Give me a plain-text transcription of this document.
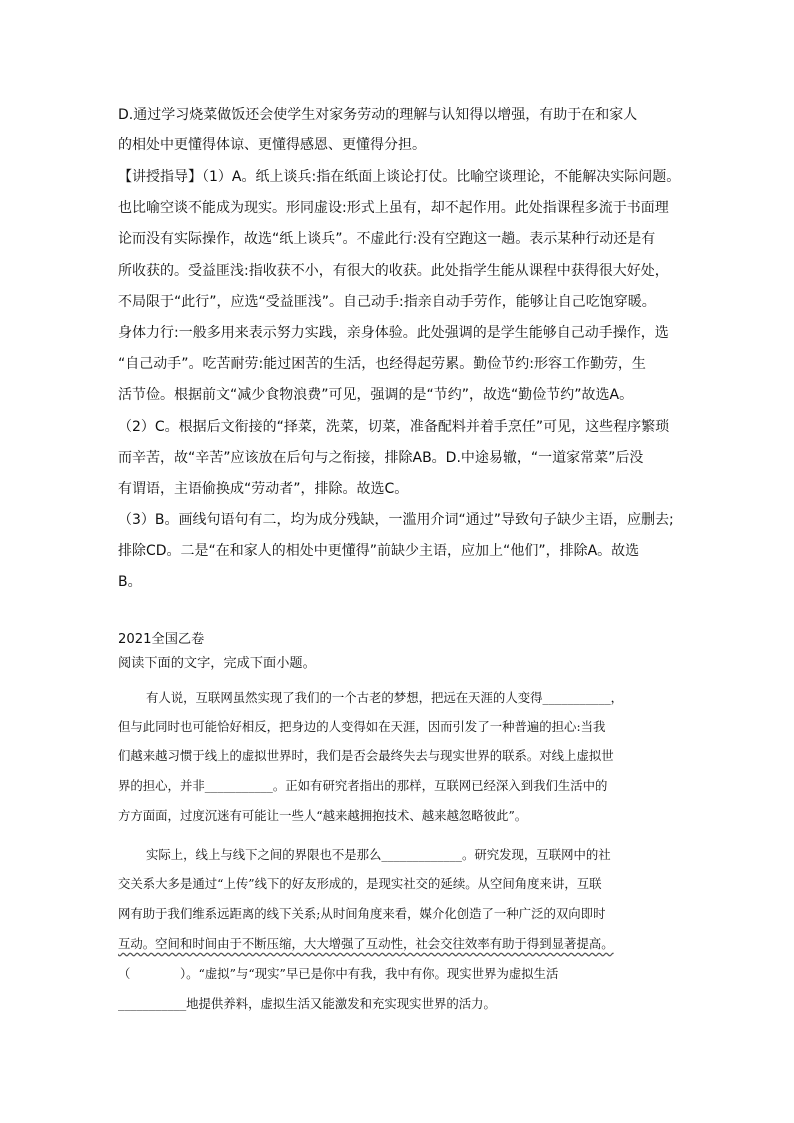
D.通过学习烧菜做饭还会使学生对家务劳动的理解与认知得以增强，有助于在和家人
的相处中更懂得体谅、更懂得感恩、更懂得分担。
【讲授指导】（1）A。纸上谈兵:指在纸面上谈论打仗。比喻空谈理论，不能解决实际问题。
也比喻空谈不能成为现实。形同虚设:形式上虽有，却不起作用。此处指课程多流于书面理
论而没有实际操作，故选“纸上谈兵”。不虚此行:没有空跑这一趟。表示某种行动还是有
所收获的。受益匪浅:指收获不小，有很大的收获。此处指学生能从课程中获得很大好处，
不局限于“此行”，应选“受益匪浅”。自己动手:指亲自动手劳作，能够让自己吃饱穿暖。
身体力行:一般多用来表示努力实践，亲身体验。此处强调的是学生能够自己动手操作，选
“自己动手”。吃苦耐劳:能过困苦的生活，也经得起劳累。勤俭节约:形容工作勤劳，生
活节俭。根据前文“减少食物浪费”可见，强调的是“节约”，故选“勤俭节约”故选A。
（2）C。根据后文衔接的“择菜，洗菜，切菜，准备配料并着手烹任”可见，这些程序繁琐
而辛苦，故“辛苦”应该放在后句与之衔接，排除AB。D.中途易辙，“一道家常菜”后没
有谓语，主语偷换成“劳动者”，排除。故选C。
（3）B。画线句语句有二，均为成分残缺，一滥用介词“通过”导致句子缺少主语，应删去;
排除CD。二是“在和家人的相处中更懂得”前缺少主语，应加上“他们”，排除A。故选
B。
2021全国乙卷
阅读下面的文字，完成下面小题。
有人说，互联网虽然实现了我们的一个古老的梦想，把远在天涯的人变得___________，
但与此同时也可能恰好相反，把身边的人变得如在天涯，因而引发了一种普遍的担心:当我
们越来越习惯于线上的虚拟世界时，我们是否会最终失去与现实世界的联系。对线上虚拟世
界的担心，并非___________。正如有研究者指出的那样，互联网已经深入到我们生活中的
方方面面，过度沉迷有可能让一些人“越来越拥抱技术、越来越忽略彼此”。
实际上，线上与线下之间的界限也不是那么_____________。研究发现，互联网中的社
交关系大多是通过“上传”线下的好友形成的，是现实社交的延续。从空间角度来讲，互联
网有助于我们维系远距离的线下关系;从时间角度来看，媒介化创造了一种广泛的双向即时
互动。空间和时间由于不断压缩，大大增强了互动性，社会交往效率有助于得到显著提高。
（　　　　）。“虚拟”与“现实”早已是你中有我，我中有你。现实世界为虚拟生活
___________地提供养料，虚拟生活又能激发和充实现实世界的活力。
